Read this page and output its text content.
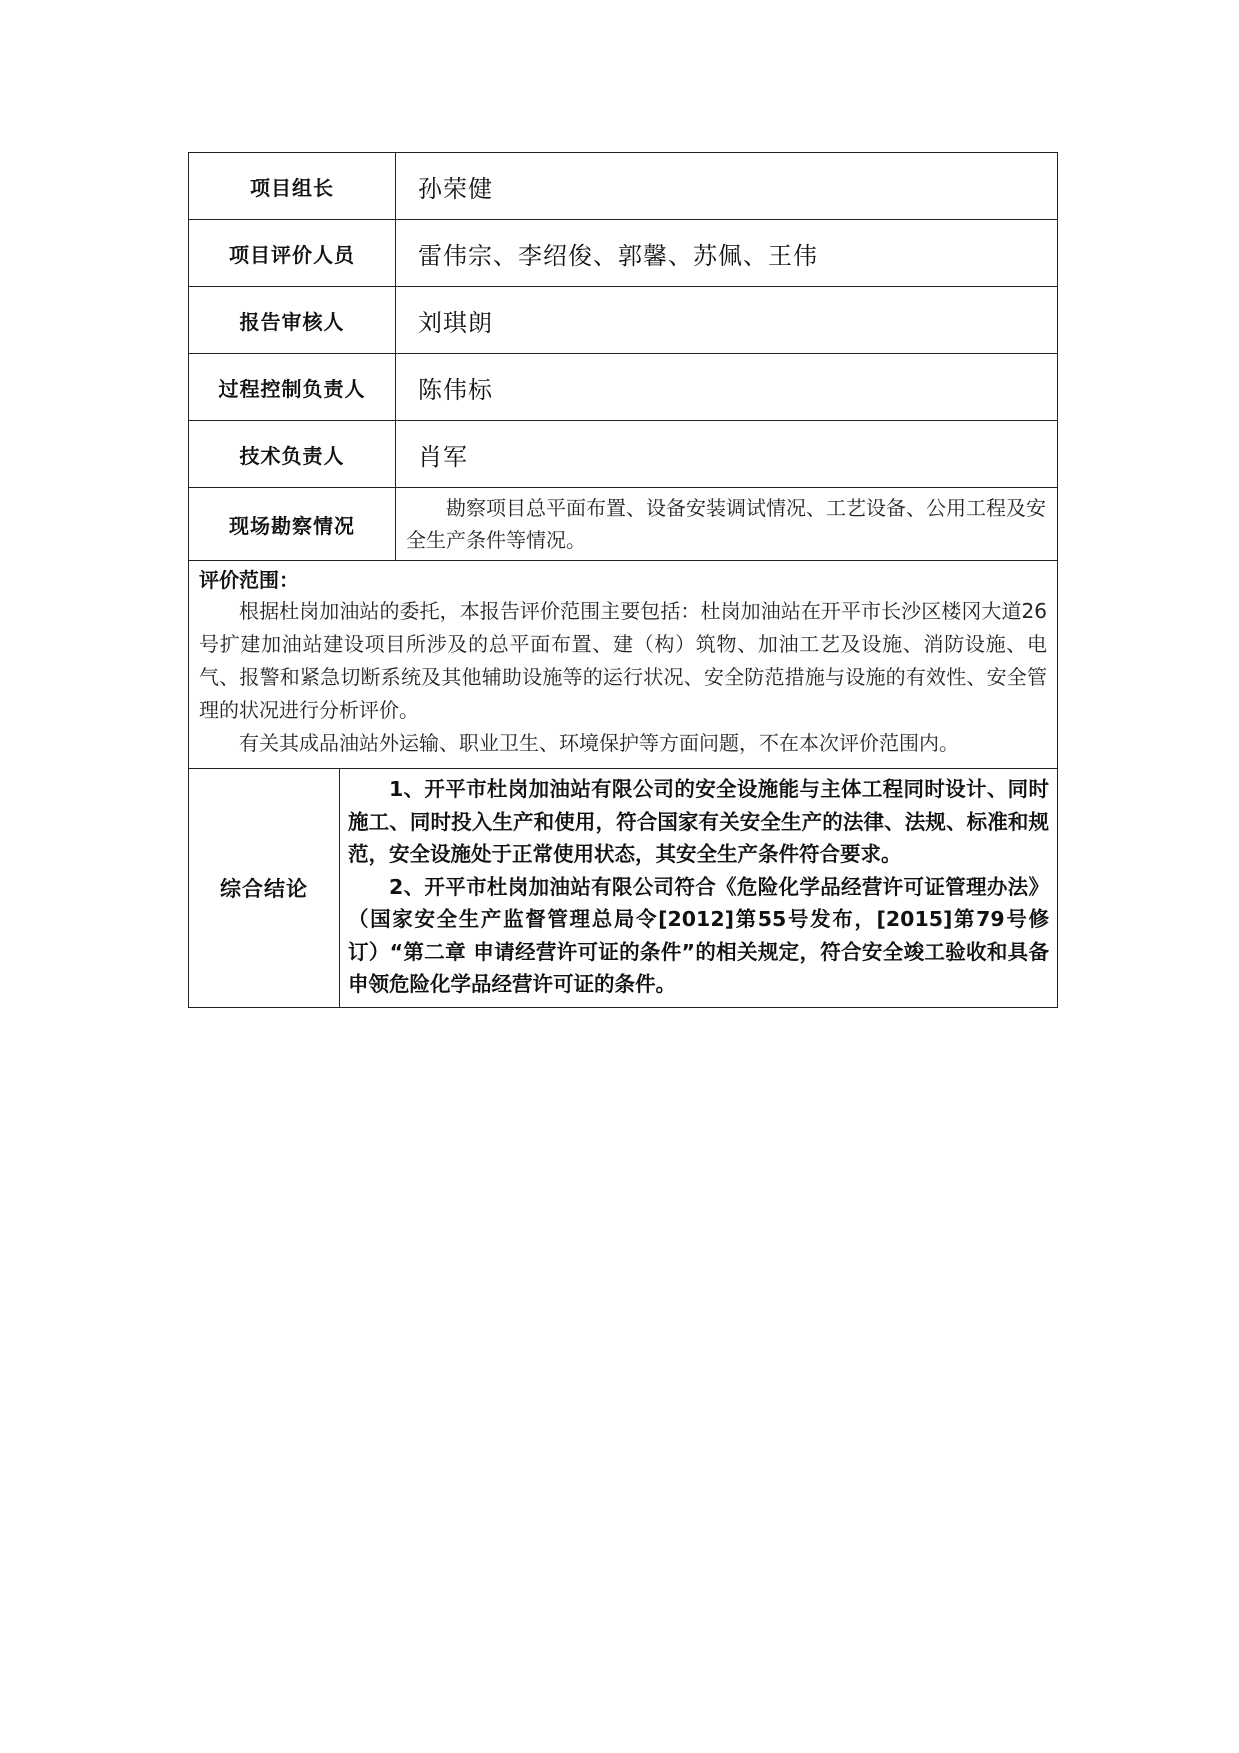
项目组长		孙荣健
项目评价人员		雷伟宗、李绍俊、郭馨、苏佩、王伟
报告审核人		刘琪朗
过程控制负责人		陈伟标
技术负责人		肖军
现场勘察情况		勘察项目总平面布置、设备安装调试情况、工艺设备、公用工程及安全生产条件等情况。

评价范围：

根据杜岗加油站的委托，本报告评价范围主要包括：杜岗加油站在开平市长沙区楼冈大道26号扩建加油站建设项目所涉及的总平面布置、建（构）筑物、加油工艺及设施、消防设施、电气、报警和紧急切断系统及其他辅助设施等的运行状况、安全防范措施与设施的有效性、安全管理的状况进行分析评价。

有关其成品油站外运输、职业卫生、环境保护等方面问题，不在本次评价范围内。		

综合结论	1、开平市杜岗加油站有限公司的安全设施能与主体工程同时设计、同时施工、同时投入生产和使用，符合国家有关安全生产的法律、法规、标准和规范，安全设施处于正常使用状态，其安全生产条件符合要求。

2、开平市杜岗加油站有限公司符合《危险化学品经营许可证管理办法》（国家安全生产监督管理总局令[2012]第55号发布，[2015]第79号修订）“第二章 申请经营许可证的条件”的相关规定，符合安全竣工验收和具备申领危险化学品经营许可证的条件。	
